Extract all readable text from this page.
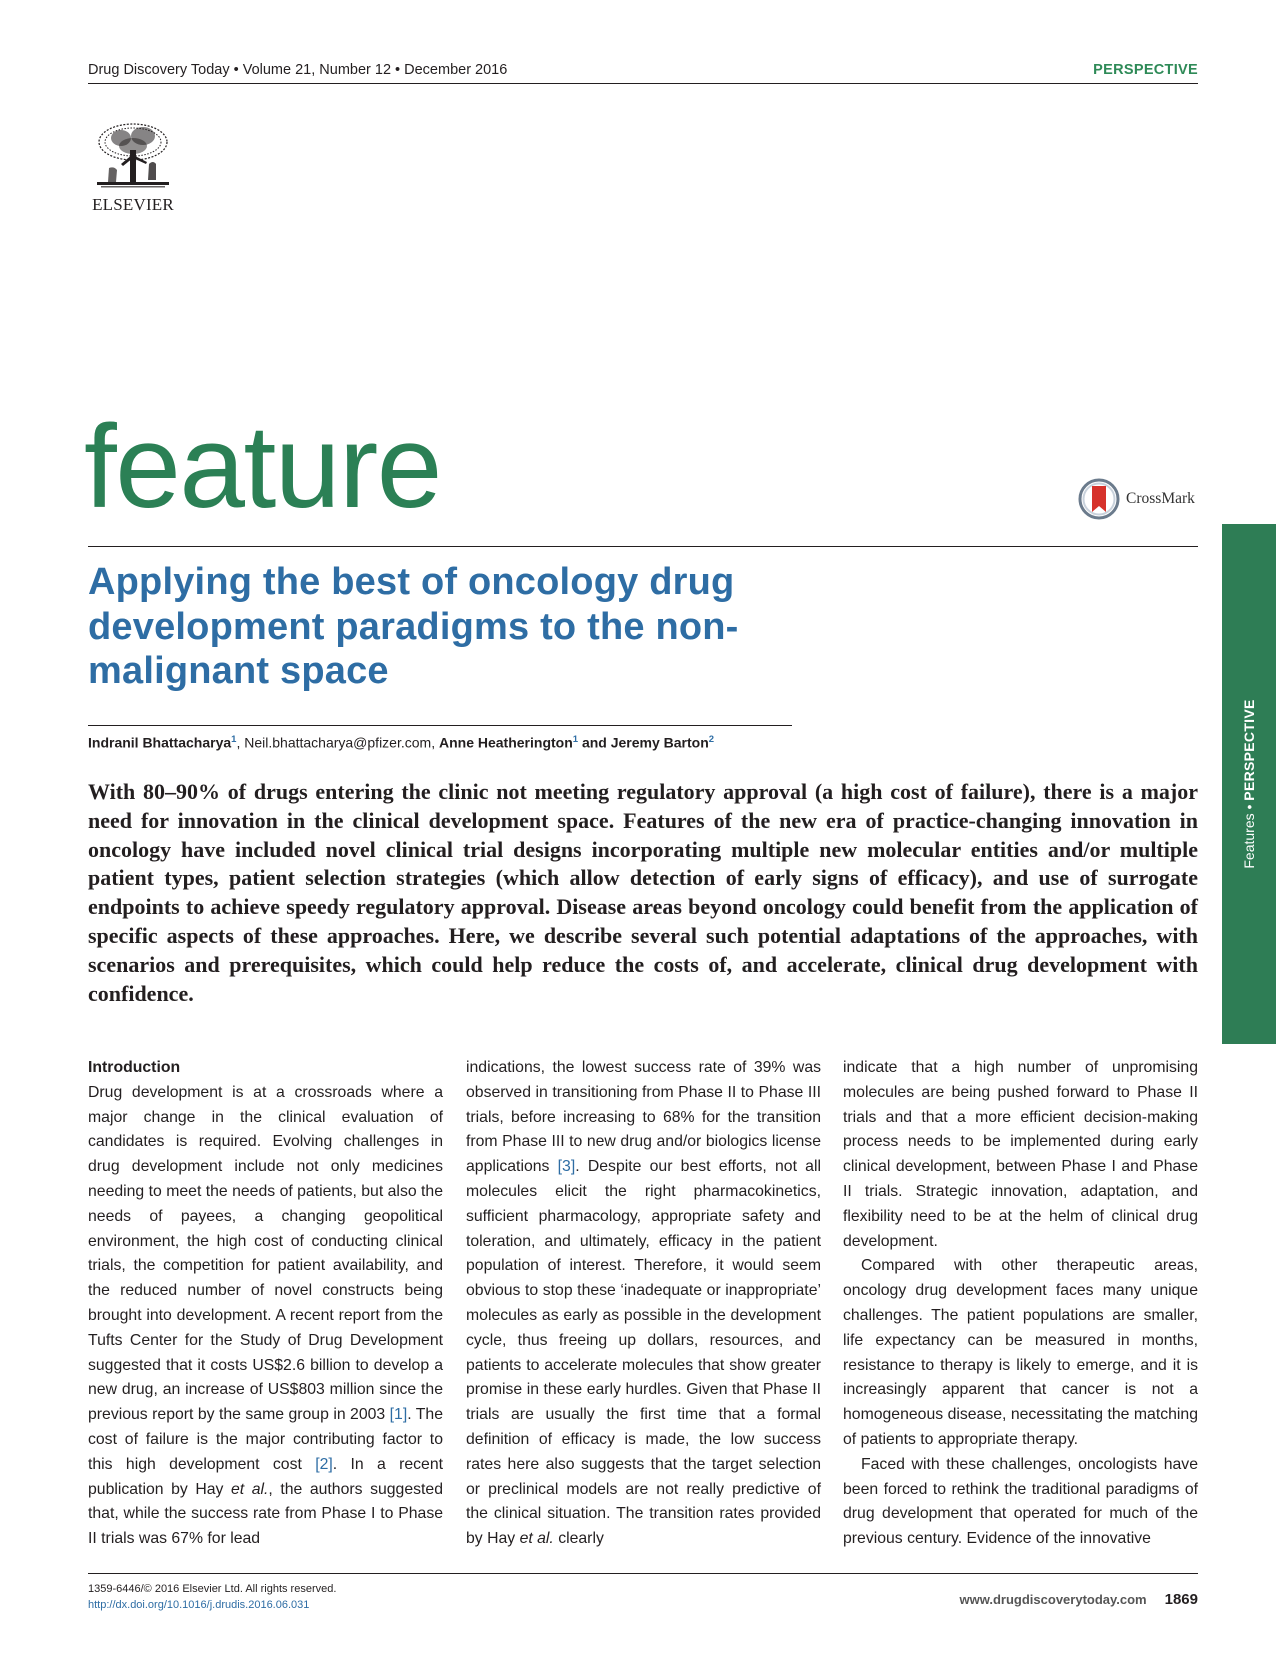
Drug Discovery Today • Volume 21, Number 12 • December 2016	PERSPECTIVE
ELSEVIER
feature	CrossMark
Features • PERSPECTIVE
Applying the best of oncology drug development paradigms to the non-malignant space
Indranil Bhattacharya$^1$, Neil.bhattacharya@pfizer.com, Anne Heatherington$^1$ and Jeremy Barton$^2$

With 80–90% of drugs entering the clinic not meeting regulatory approval (a high cost of failure), there is a major need for innovation in the clinical development space. Features of the new era of practice-changing innovation in oncology have included novel clinical trial designs incorporating multiple new molecular entities and/or multiple patient types, patient selection strategies (which allow detection of early signs of efficacy), and use of surrogate endpoints to achieve speedy regulatory approval. Disease areas beyond oncology could benefit from the application of specific aspects of these approaches. Here, we describe several such potential adaptations of the approaches, with scenarios and prerequisites, which could help reduce the costs of, and accelerate, clinical drug development with confidence.

Introduction

Drug development is at a crossroads where a major change in the clinical evaluation of candidates is required. Evolving challenges in drug development include not only medicines needing to meet the needs of patients, but also the needs of payees, a changing geopolitical environment, the high cost of conducting clinical trials, the competition for patient availability, and the reduced number of novel constructs being brought into development. A recent report from the Tufts Center for the Study of Drug Development suggested that it costs US$2.6 billion to develop a new drug, an increase of US$803 million since the previous report by the same group in 2003 [1]. The cost of failure is the major contributing factor to this high development cost [2]. In a recent publication by Hay et al., the authors suggested that, while the success rate from Phase I to Phase II trials was 67% for lead

indications, the lowest success rate of 39% was observed in transitioning from Phase II to Phase III trials, before increasing to 68% for the transition from Phase III to new drug and/or biologics license applications [3]. Despite our best efforts, not all molecules elicit the right pharmacokinetics, sufficient pharmacology, appropriate safety and toleration, and ultimately, efficacy in the patient population of interest. Therefore, it would seem obvious to stop these ‘inadequate or inappropriate’ molecules as early as possible in the development cycle, thus freeing up dollars, resources, and patients to accelerate molecules that show greater promise in these early hurdles. Given that Phase II trials are usually the first time that a formal definition of efficacy is made, the low success rates here also suggests that the target selection or preclinical models are not really predictive of the clinical situation. The transition rates provided by Hay et al. clearly

indicate that a high number of unpromising molecules are being pushed forward to Phase II trials and that a more efficient decision-making process needs to be implemented during early clinical development, between Phase I and Phase II trials. Strategic innovation, adaptation, and flexibility need to be at the helm of clinical drug development.

Compared with other therapeutic areas, oncology drug development faces many unique challenges. The patient populations are smaller, life expectancy can be measured in months, resistance to therapy is likely to emerge, and it is increasingly apparent that cancer is not a homogeneous disease, necessitating the matching of patients to appropriate therapy.

Faced with these challenges, oncologists have been forced to rethink the traditional paradigms of drug development that operated for much of the previous century. Evidence of the innovative

1359-6446/© 2016 Elsevier Ltd. All rights reserved.
http://dx.doi.org/10.1016/j.drudis.2016.06.031	www.drugdiscoverytoday.com 1869
